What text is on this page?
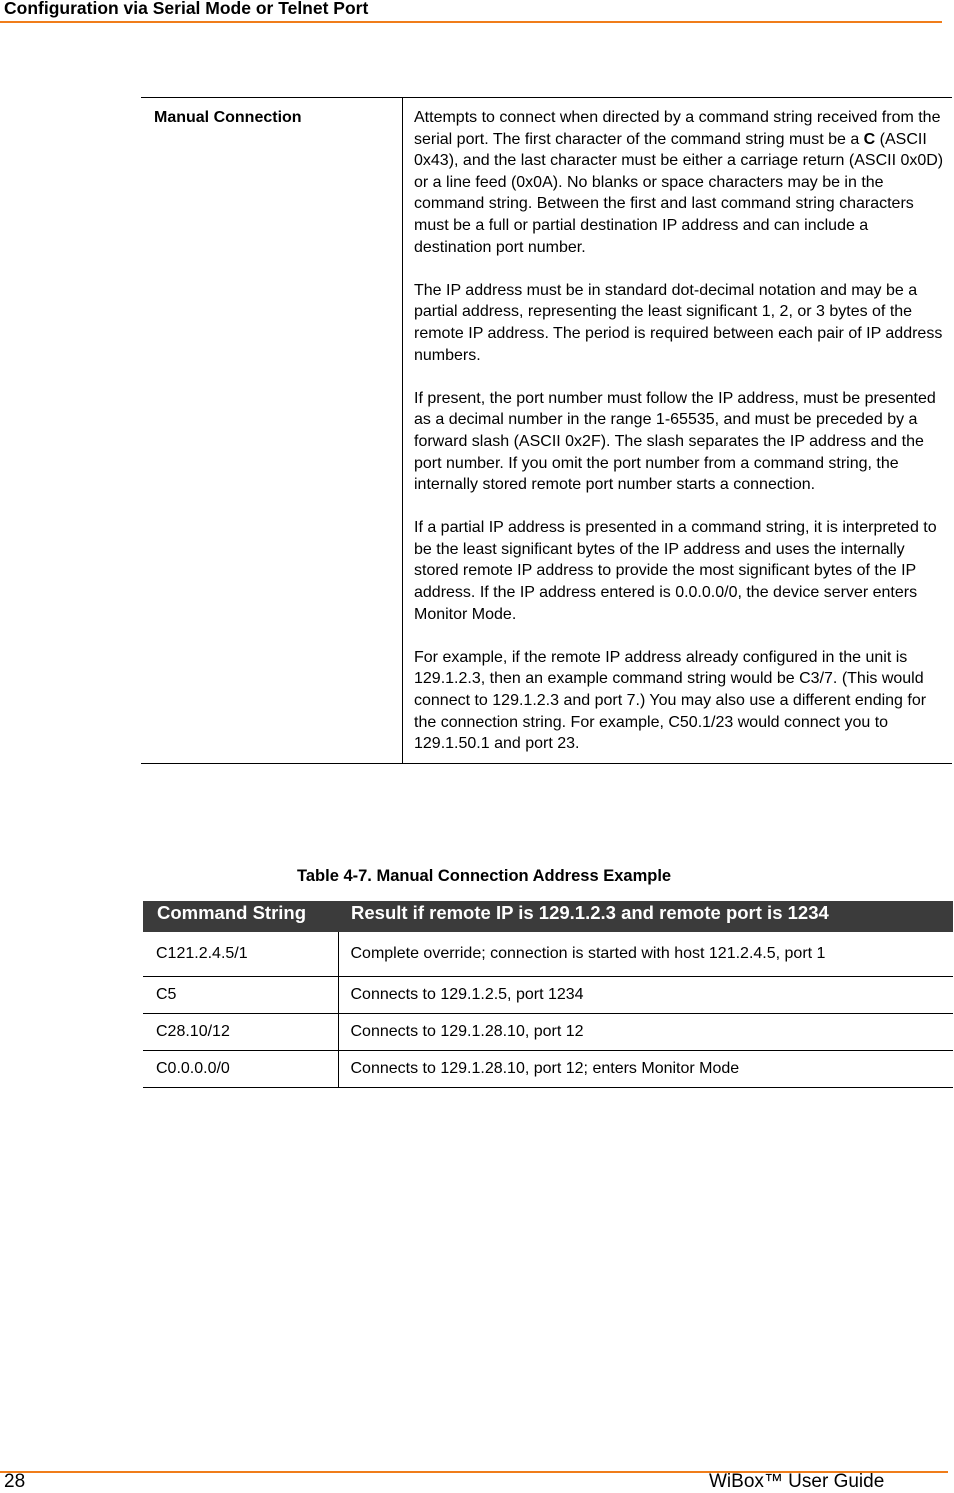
Configuration via Serial Mode or Telnet Port
Manual Connection	Attempts to connect when directed by a command string received from the serial port. The first character of the command string must be a C (ASCII 0x43), and the last character must be either a carriage return (ASCII 0x0D) or a line feed (0x0A). No blanks or space characters may be in the command string. Between the first and last command string characters must be a full or partial destination IP address and can include a destination port number.

The IP address must be in standard dot-decimal notation and may be a partial address, representing the least significant 1, 2, or 3 bytes of the remote IP address. The period is required between each pair of IP address numbers.

If present, the port number must follow the IP address, must be presented as a decimal number in the range 1-65535, and must be preceded by a forward slash (ASCII 0x2F). The slash separates the IP address and the port number. If you omit the port number from a command string, the internally stored remote port number starts a connection.

If a partial IP address is presented in a command string, it is interpreted to be the least significant bytes of the IP address and uses the internally stored remote IP address to provide the most significant bytes of the IP address. If the IP address entered is 0.0.0.0/0, the device server enters Monitor Mode.

For example, if the remote IP address already configured in the unit is 129.1.2.3, then an example command string would be C3/7. (This would connect to 129.1.2.3 and port 7.) You may also use a different ending for the connection string. For example, C50.1/23 would connect you to 129.1.50.1 and port 23.

Table 4-7. Manual Connection Address Example
Command String	Result if remote IP is 129.1.2.3 and remote port is 1234
C121.2.4.5/1	Complete override; connection is started with host 121.2.4.5, port 1
C5	Connects to 129.1.2.5, port 1234
C28.10/12	Connects to 129.1.28.10, port 12
C0.0.0.0/0	Connects to 129.1.28.10, port 12; enters Monitor Mode
28	WiBox™ User Guide
